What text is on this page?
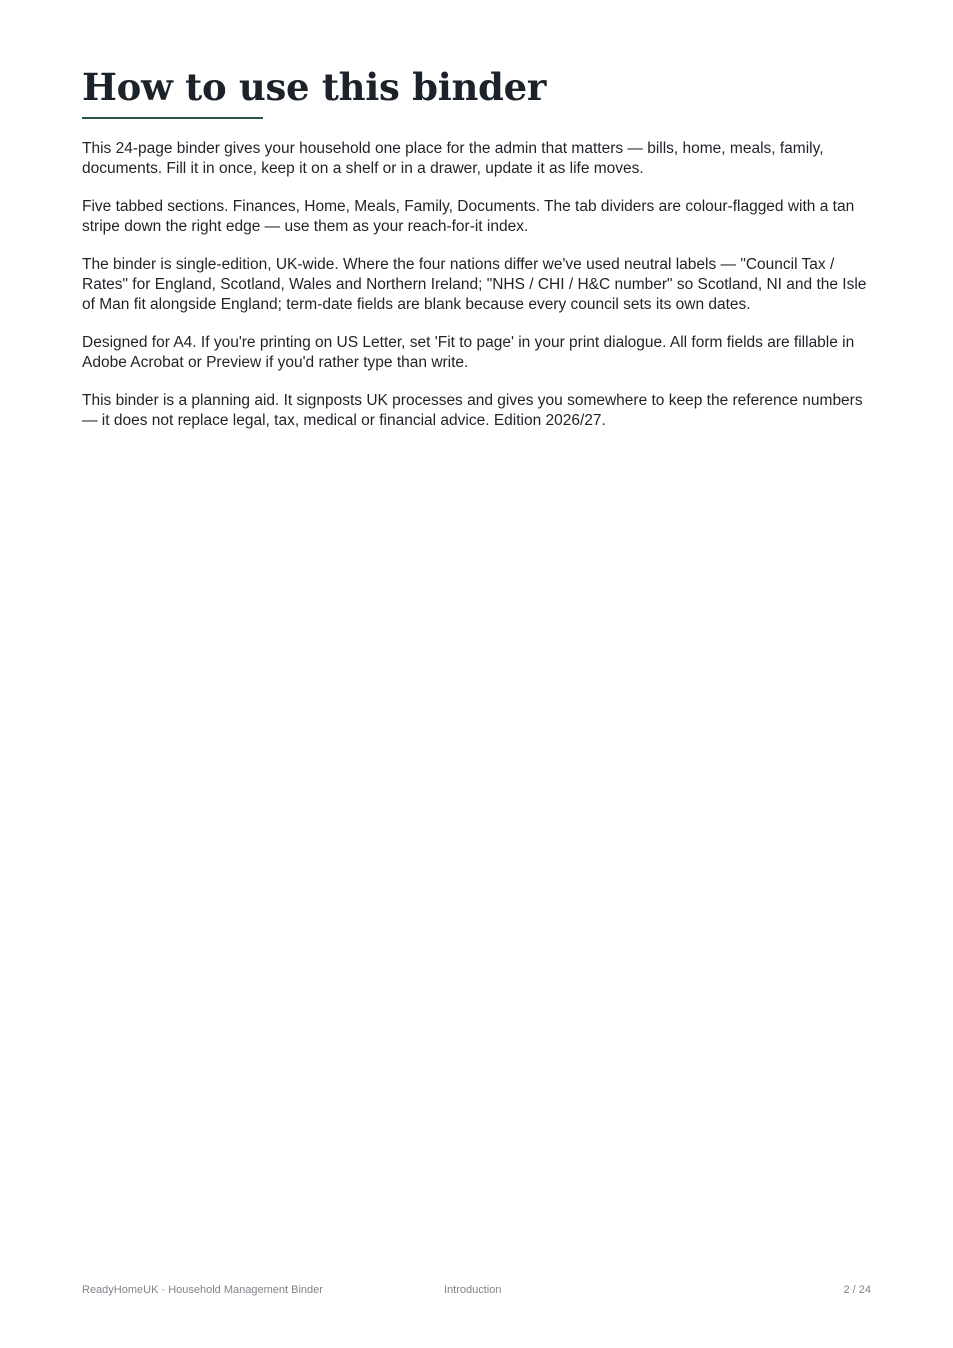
How to use this binder

This 24-page binder gives your household one place for the admin that matters — bills, home, meals, family, documents. Fill it in once, keep it on a shelf or in a drawer, update it as life moves.

Five tabbed sections. Finances, Home, Meals, Family, Documents. The tab dividers are colour-flagged with a tan stripe down the right edge — use them as your reach-for-it index.

The binder is single-edition, UK-wide. Where the four nations differ we've used neutral labels — "Council Tax / Rates" for England, Scotland, Wales and Northern Ireland; "NHS / CHI / H&C number" so Scotland, NI and the Isle of Man fit alongside England; term-date fields are blank because every council sets its own dates.

Designed for A4. If you're printing on US Letter, set 'Fit to page' in your print dialogue. All form fields are fillable in Adobe Acrobat or Preview if you'd rather type than write.

This binder is a planning aid. It signposts UK processes and gives you somewhere to keep the reference numbers — it does not replace legal, tax, medical or financial advice. Edition 2026/27.

ReadyHomeUK · Household Management Binder	Introduction	2 / 24
